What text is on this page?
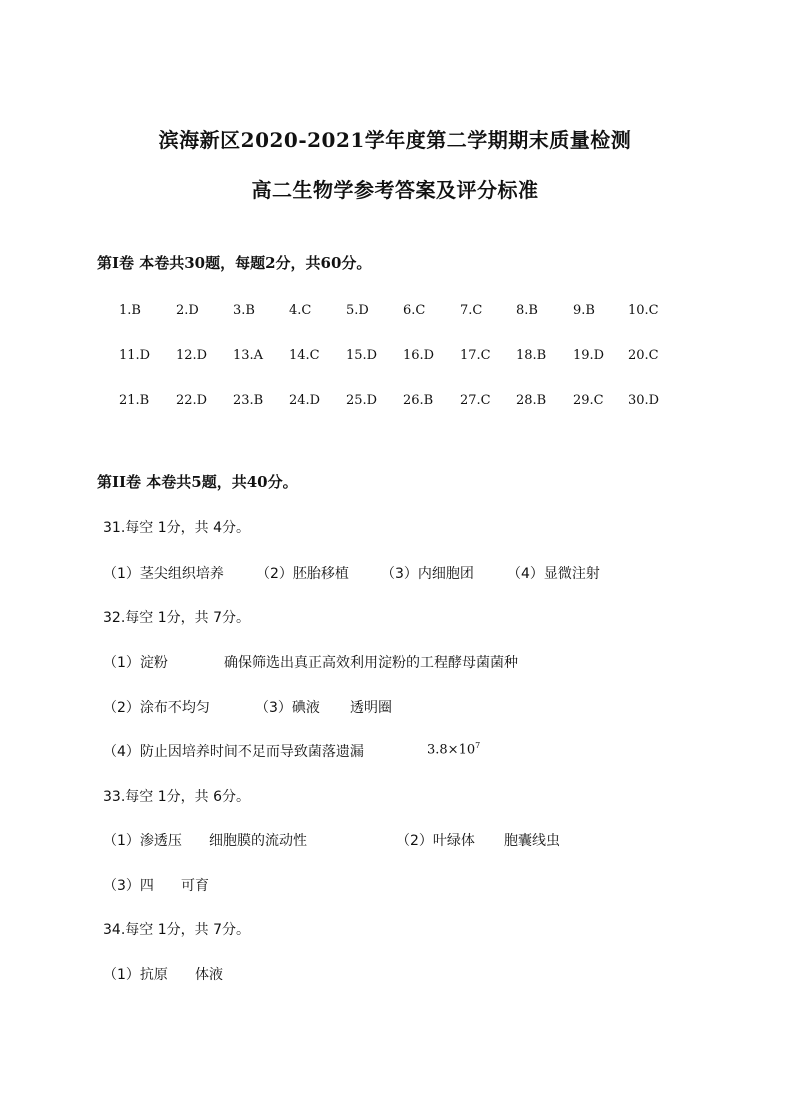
滨海新区2020-2021学年度第二学期期末质量检测
高二生物学参考答案及评分标准
第I卷 本卷共30题，每题2分，共60分。
1.B	2.D	3.B	4.C	5.D	6.C	7.C	8.B	9.B	10.C
11.D 12.D 13.A 14.C 15.D 16.D 17.C 18.B 19.D 20.C
21.B 22.D 23.B 24.D 25.D 26.B 27.C 28.B 29.C 30.D
第II卷 本卷共5题，共40分。
31.每空 1分，共 4分。
（1）茎尖组织培养 （2）胚胎移植 （3）内细胞团 （4）显微注射
32.每空 1分，共 7分。
（1）淀粉	确保筛选出真正高效利用淀粉的工程酵母菌菌种
（2）涂布不均匀	（3）碘液 透明圈
（4）防止因培养时间不足而导致菌落遗漏	$3.8\times 10^7$
33.每空 1分，共 6分。
（1）渗透压 细胞膜的流动性	（2）叶绿体 胞囊线虫
（3）四 可育
34.每空 1分，共 7分。
（1）抗原 体液
